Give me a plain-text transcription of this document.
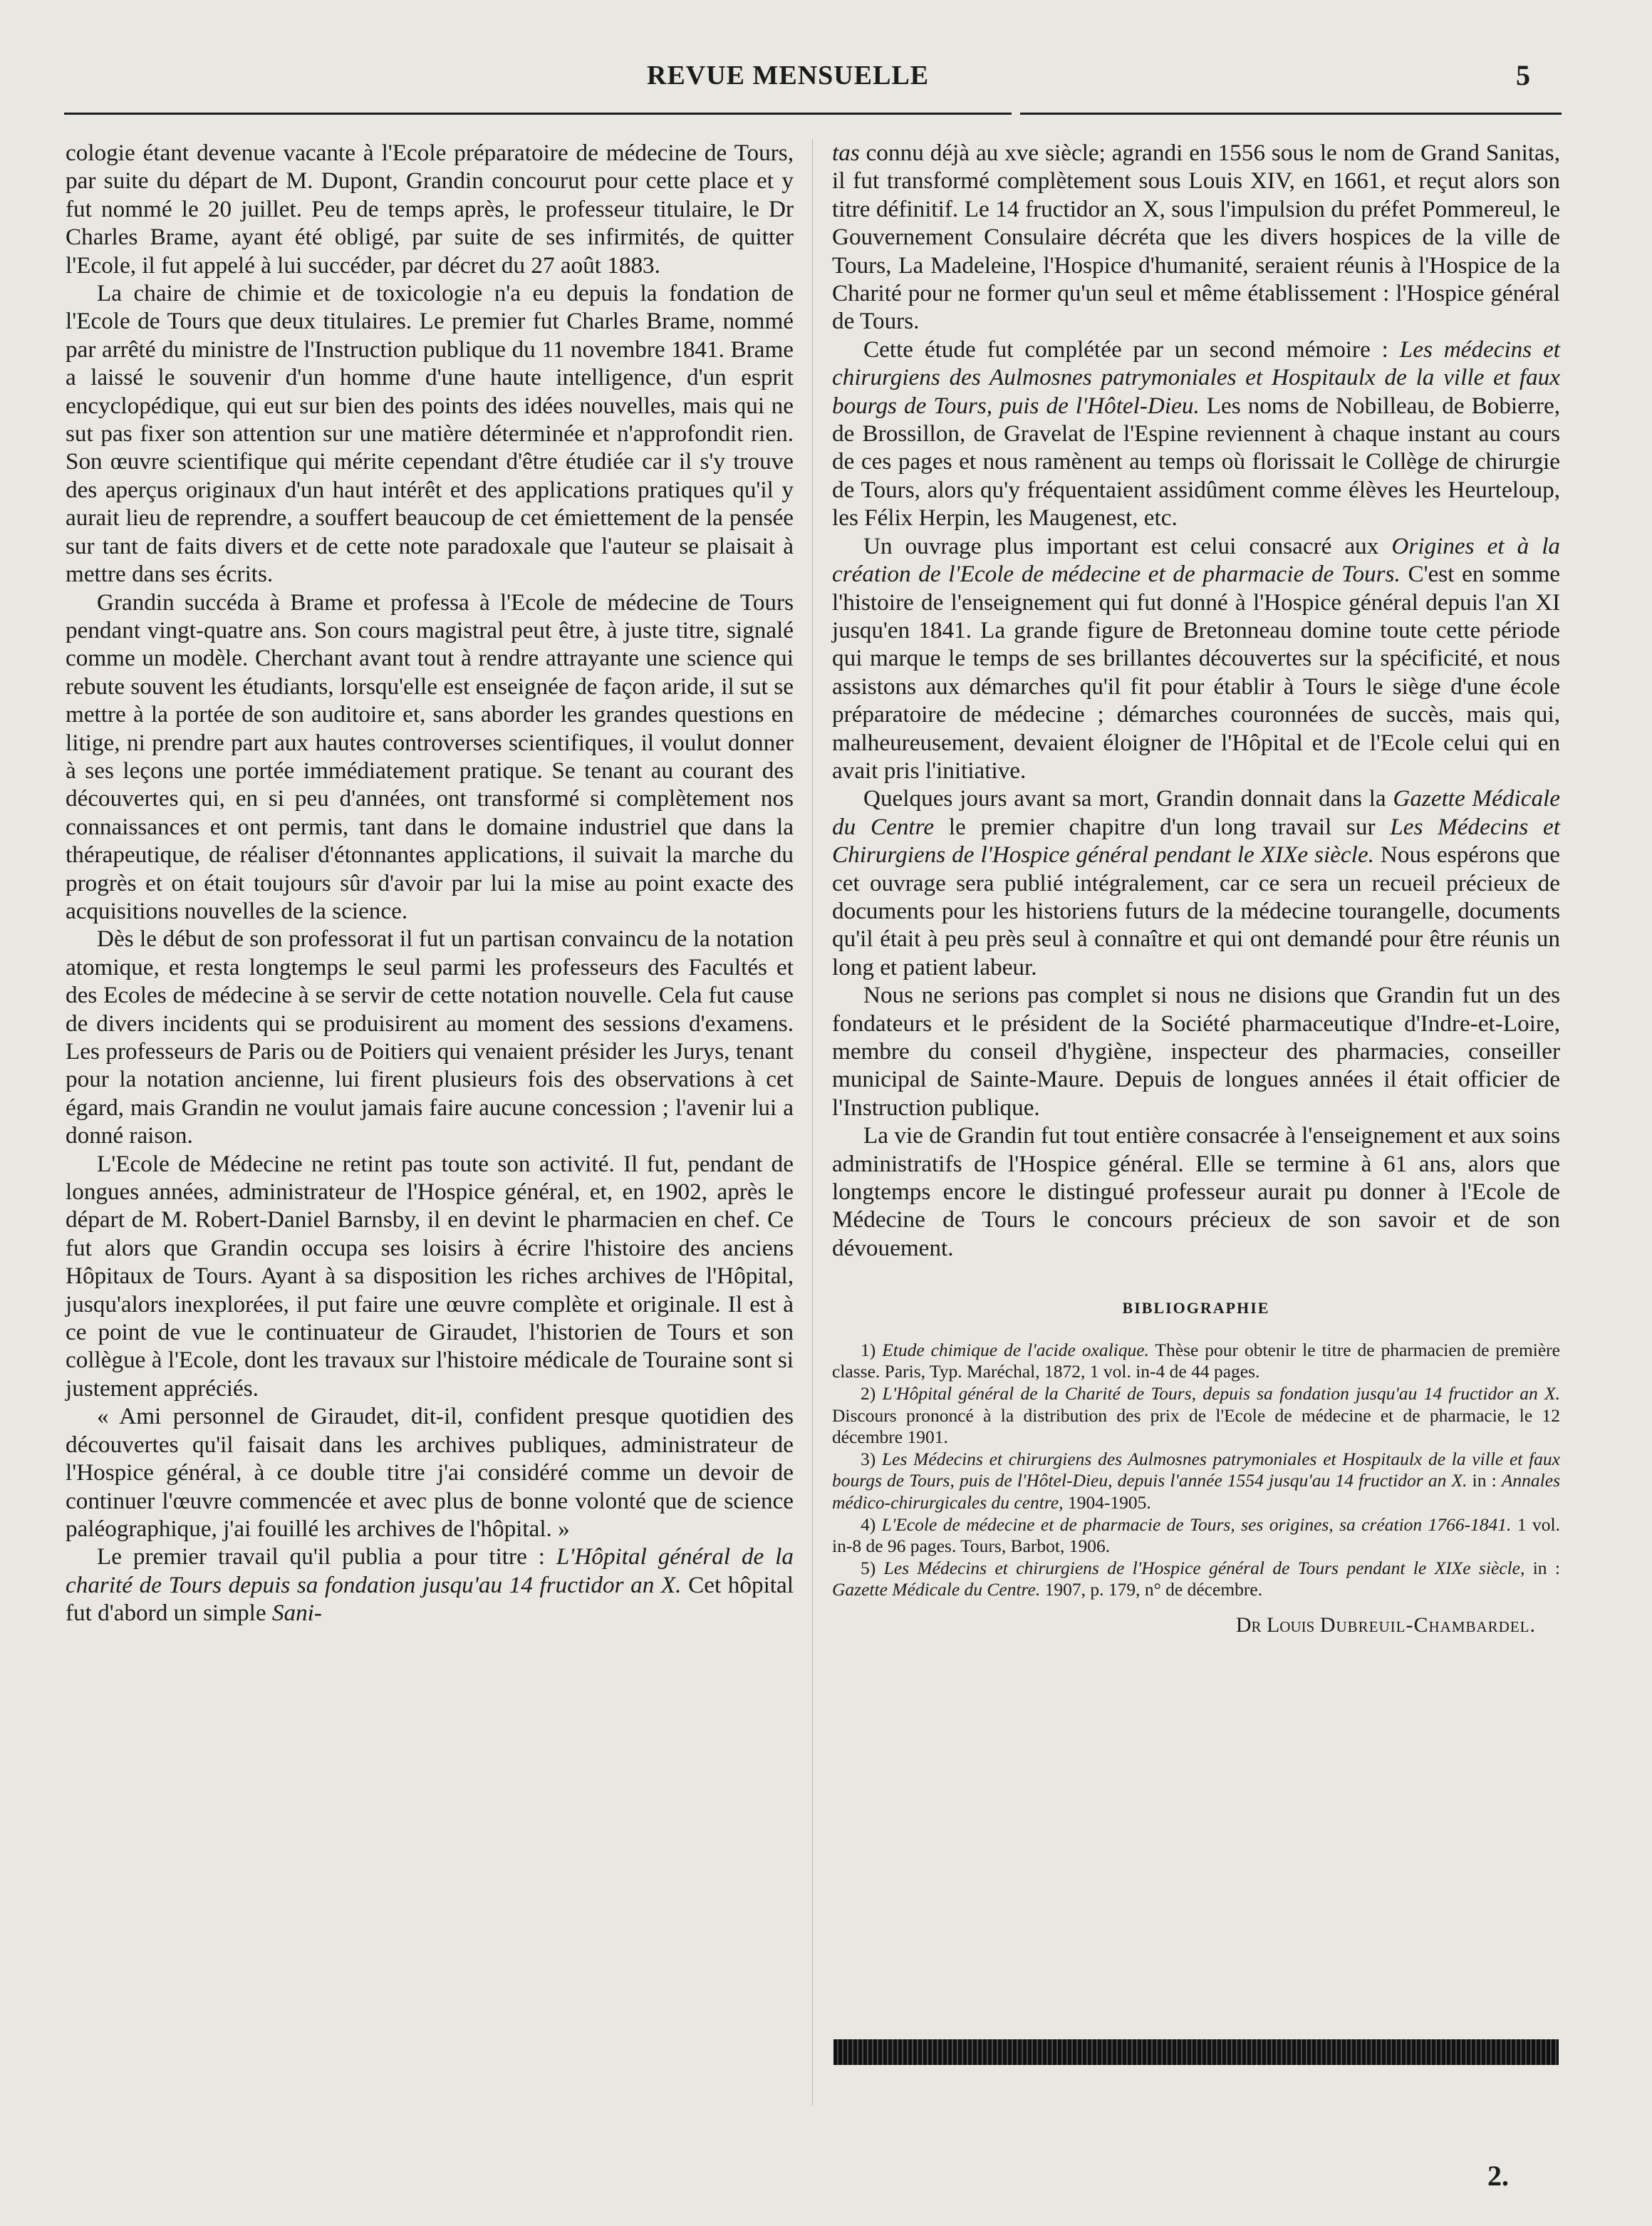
REVUE MENSUELLE	5

cologie étant devenue vacante à l'Ecole préparatoire de médecine de Tours, par suite du départ de M. Dupont, Grandin concourut pour cette place et y fut nommé le 20 juillet. Peu de temps après, le professeur titulaire, le Dr Charles Brame, ayant été obligé, par suite de ses infirmités, de quitter l'Ecole, il fut appelé à lui succéder, par décret du 27 août 1883.

La chaire de chimie et de toxicologie n'a eu depuis la fondation de l'Ecole de Tours que deux titulaires. Le premier fut Charles Brame, nommé par arrêté du ministre de l'Instruction publique du 11 novembre 1841. Brame a laissé le souvenir d'un homme d'une haute intelligence, d'un esprit encyclopédique, qui eut sur bien des points des idées nouvelles, mais qui ne sut pas fixer son attention sur une matière déterminée et n'approfondit rien. Son œuvre scientifique qui mérite cependant d'être étudiée car il s'y trouve des aperçus originaux d'un haut intérêt et des applications pratiques qu'il y aurait lieu de reprendre, a souffert beaucoup de cet émiettement de la pensée sur tant de faits divers et de cette note paradoxale que l'auteur se plaisait à mettre dans ses écrits.

Grandin succéda à Brame et professa à l'Ecole de médecine de Tours pendant vingt-quatre ans. Son cours magistral peut être, à juste titre, signalé comme un modèle. Cherchant avant tout à rendre attrayante une science qui rebute souvent les étudiants, lorsqu'elle est enseignée de façon aride, il sut se mettre à la portée de son auditoire et, sans aborder les grandes questions en litige, ni prendre part aux hautes controverses scientifiques, il voulut donner à ses leçons une portée immédiatement pratique. Se tenant au courant des découvertes qui, en si peu d'années, ont transformé si complètement nos connaissances et ont permis, tant dans le domaine industriel que dans la thérapeutique, de réaliser d'étonnantes applications, il suivait la marche du progrès et on était toujours sûr d'avoir par lui la mise au point exacte des acquisitions nouvelles de la science.

Dès le début de son professorat il fut un partisan convaincu de la notation atomique, et resta longtemps le seul parmi les professeurs des Facultés et des Ecoles de médecine à se servir de cette notation nouvelle. Cela fut cause de divers incidents qui se produisirent au moment des sessions d'examens. Les professeurs de Paris ou de Poitiers qui venaient présider les Jurys, tenant pour la notation ancienne, lui firent plusieurs fois des observations à cet égard, mais Grandin ne voulut jamais faire aucune concession ; l'avenir lui a donné raison.

L'Ecole de Médecine ne retint pas toute son activité. Il fut, pendant de longues années, administrateur de l'Hospice général, et, en 1902, après le départ de M. Robert-Daniel Barnsby, il en devint le pharmacien en chef. Ce fut alors que Grandin occupa ses loisirs à écrire l'histoire des anciens Hôpitaux de Tours. Ayant à sa disposition les riches archives de l'Hôpital, jusqu'alors inexplorées, il put faire une œuvre complète et originale. Il est à ce point de vue le continuateur de Giraudet, l'historien de Tours et son collègue à l'Ecole, dont les travaux sur l'histoire médicale de Touraine sont si justement appréciés.

« Ami personnel de Giraudet, dit-il, confident presque quotidien des découvertes qu'il faisait dans les archives publiques, administrateur de l'Hospice général, à ce double titre j'ai considéré comme un devoir de continuer l'œuvre commencée et avec plus de bonne volonté que de science paléographique, j'ai fouillé les archives de l'hôpital. »

Le premier travail qu'il publia a pour titre : L'Hôpital général de la charité de Tours depuis sa fondation jusqu'au 14 fructidor an X. Cet hôpital fut d'abord un simple Sani-

tas connu déjà au xve siècle; agrandi en 1556 sous le nom de Grand Sanitas, il fut transformé complètement sous Louis XIV, en 1661, et reçut alors son titre définitif. Le 14 fructidor an X, sous l'impulsion du préfet Pommereul, le Gouvernement Consulaire décréta que les divers hospices de la ville de Tours, La Madeleine, l'Hospice d'humanité, seraient réunis à l'Hospice de la Charité pour ne former qu'un seul et même établissement : l'Hospice général de Tours.

Cette étude fut complétée par un second mémoire : Les médecins et chirurgiens des Aulmosnes patrymoniales et Hospitaulx de la ville et faux bourgs de Tours, puis de l'Hôtel-Dieu. Les noms de Nobilleau, de Bobierre, de Brossillon, de Gravelat de l'Espine reviennent à chaque instant au cours de ces pages et nous ramènent au temps où florissait le Collège de chirurgie de Tours, alors qu'y fréquentaient assidûment comme élèves les Heurteloup, les Félix Herpin, les Maugenest, etc.

Un ouvrage plus important est celui consacré aux Origines et à la création de l'Ecole de médecine et de pharmacie de Tours. C'est en somme l'histoire de l'enseignement qui fut donné à l'Hospice général depuis l'an XI jusqu'en 1841. La grande figure de Bretonneau domine toute cette période qui marque le temps de ses brillantes découvertes sur la spécificité, et nous assistons aux démarches qu'il fit pour établir à Tours le siège d'une école préparatoire de médecine ; démarches couronnées de succès, mais qui, malheureusement, devaient éloigner de l'Hôpital et de l'Ecole celui qui en avait pris l'initiative.

Quelques jours avant sa mort, Grandin donnait dans la Gazette Médicale du Centre le premier chapitre d'un long travail sur Les Médecins et Chirurgiens de l'Hospice général pendant le XIXe siècle. Nous espérons que cet ouvrage sera publié intégralement, car ce sera un recueil précieux de documents pour les historiens futurs de la médecine tourangelle, documents qu'il était à peu près seul à connaître et qui ont demandé pour être réunis un long et patient labeur.

Nous ne serions pas complet si nous ne disions que Grandin fut un des fondateurs et le président de la Société pharmaceutique d'Indre-et-Loire, membre du conseil d'hygiène, inspecteur des pharmacies, conseiller municipal de Sainte-Maure. Depuis de longues années il était officier de l'Instruction publique.

La vie de Grandin fut tout entière consacrée à l'enseignement et aux soins administratifs de l'Hospice général. Elle se termine à 61 ans, alors que longtemps encore le distingué professeur aurait pu donner à l'Ecole de Médecine de Tours le concours précieux de son savoir et de son dévouement.

BIBLIOGRAPHIE

1) Etude chimique de l'acide oxalique. Thèse pour obtenir le titre de pharmacien de première classe. Paris, Typ. Maréchal, 1872, 1 vol. in-4 de 44 pages.

2) L'Hôpital général de la Charité de Tours, depuis sa fondation jusqu'au 14 fructidor an X. Discours prononcé à la distribution des prix de l'Ecole de médecine et de pharmacie, le 12 décembre 1901.

3) Les Médecins et chirurgiens des Aulmosnes patrymoniales et Hospitaulx de la ville et faux bourgs de Tours, puis de l'Hôtel-Dieu, depuis l'année 1554 jusqu'au 14 fructidor an X. in : Annales médico-chirurgicales du centre, 1904-1905.

4) L'Ecole de médecine et de pharmacie de Tours, ses origines, sa création 1766-1841. 1 vol. in-8 de 96 pages. Tours, Barbot, 1906.

5) Les Médecins et chirurgiens de l'Hospice général de Tours pendant le XIXe siècle, in : Gazette Médicale du Centre. 1907, p. 179, n° de décembre.

Dr Louis Dubreuil-Chambardel.
2.
